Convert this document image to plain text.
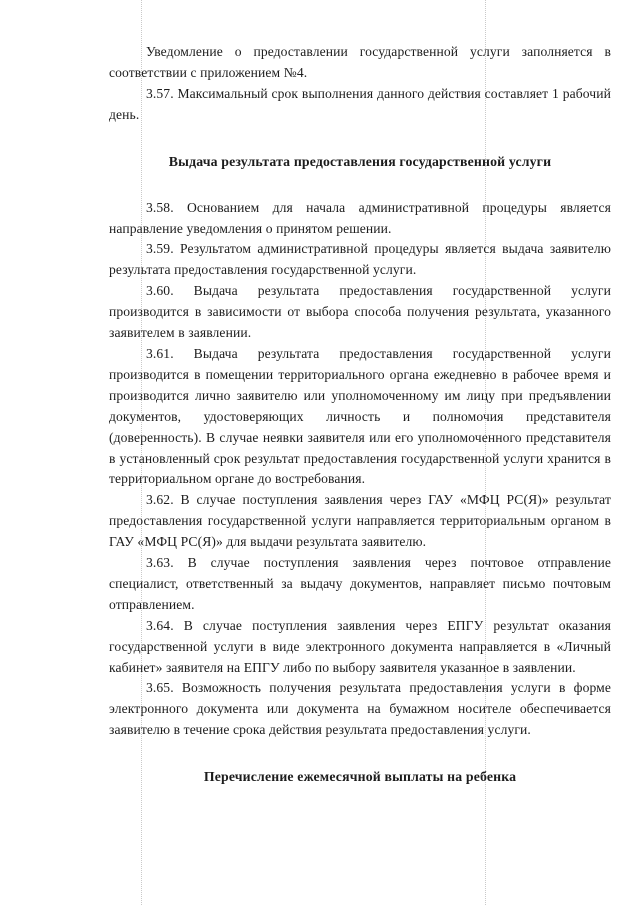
Уведомление о предоставлении государственной услуги заполняется в соответствии с приложением №4.

3.57. Максимальный срок выполнения данного действия составляет 1 рабочий день.

Выдача результата предоставления государственной услуги

3.58. Основанием для начала административной процедуры является направление уведомления о принятом решении.

3.59. Результатом административной процедуры является выдача заявителю результата предоставления государственной услуги.

3.60. Выдача результата предоставления государственной услуги производится в зависимости от выбора способа получения результата, указанного заявителем в заявлении.

3.61. Выдача результата предоставления государственной услуги производится в помещении территориального органа ежедневно в рабочее время и производится лично заявителю или уполномоченному им лицу при предъявлении документов, удостоверяющих личность и полномочия представителя (доверенность). В случае неявки заявителя или его уполномоченного представителя в установленный срок результат предоставления государственной услуги хранится в территориальном органе до востребования.

3.62. В случае поступления заявления через ГАУ «МФЦ РС(Я)» результат предоставления государственной услуги направляется территориальным органом в ГАУ «МФЦ РС(Я)» для выдачи результата заявителю.

3.63. В случае поступления заявления через почтовое отправление специалист, ответственный за выдачу документов, направляет письмо почтовым отправлением.

3.64. В случае поступления заявления через ЕПГУ результат оказания государственной услуги в виде электронного документа направляется в «Личный кабинет» заявителя на ЕПГУ либо по выбору заявителя указанное в заявлении.

3.65. Возможность получения результата предоставления услуги в форме электронного документа или документа на бумажном носителе обеспечивается заявителю в течение срока действия результата предоставления услуги.

Перечисление ежемесячной выплаты на ребенка
